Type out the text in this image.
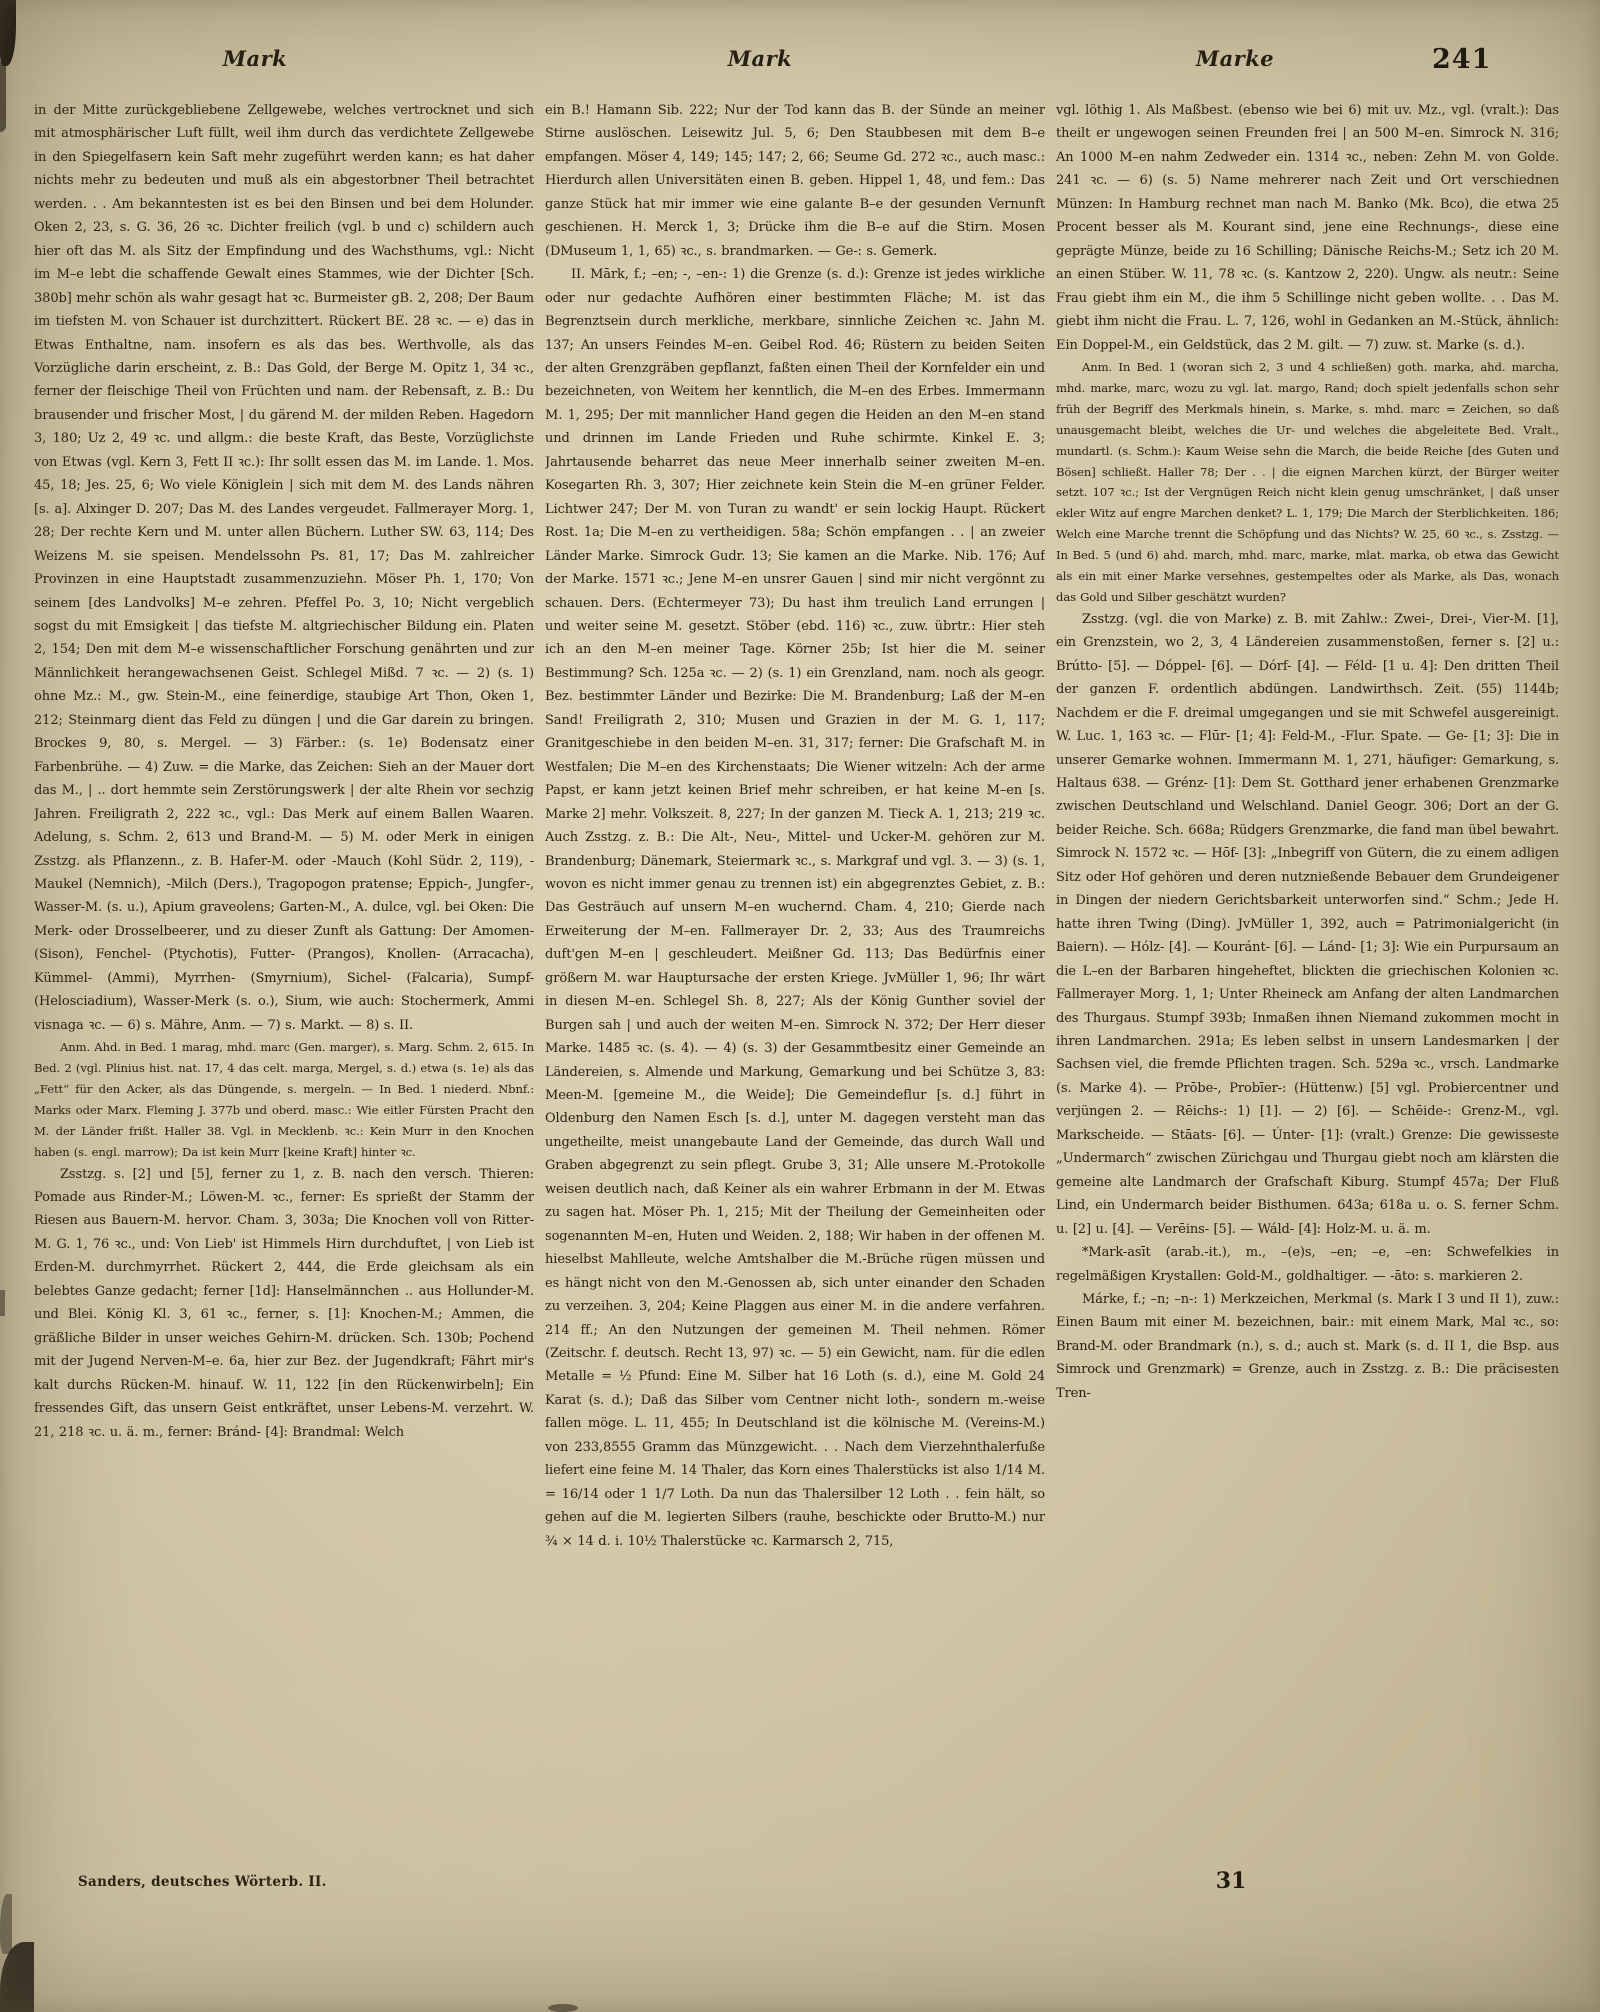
Mark	Mark	Marke	241

in der Mitte zurückgebliebene Zellgewebe, welches vertrocknet und sich mit atmosphärischer Luft füllt, weil ihm durch das verdichtete Zellgewebe in den Spiegelfasern kein Saft mehr zugeführt werden kann; es hat daher nichts mehr zu bedeuten und muß als ein abgestorbner Theil betrachtet werden. . . Am bekanntesten ist es bei den Binsen und bei dem Holunder. Oken 2, 23, s. G. 36, 26 ꝛc. Dichter freilich (vgl. b und c) schildern auch hier oft das M. als Sitz der Empfindung und des Wachsthums, vgl.: Nicht im M–e lebt die schaffende Gewalt eines Stammes, wie der Dichter [Sch. 380b] mehr schön als wahr gesagt hat ꝛc. Burmeister gB. 2, 208; Der Baum im tiefsten M. von Schauer ist durchzittert. Rückert BE. 28 ꝛc. — e) das in Etwas Enthaltne, nam. insofern es als das bes. Werthvolle, als das Vorzügliche darin erscheint, z. B.: Das Gold, der Berge M. Opitz 1, 34 ꝛc., ferner der fleischige Theil von Früchten und nam. der Rebensaft, z. B.: Du brausender und frischer Most, | du gärend M. der milden Reben. Hagedorn 3, 180; Uz 2, 49 ꝛc. und allgm.: die beste Kraft, das Beste, Vorzüglichste von Etwas (vgl. Kern 3, Fett II ꝛc.): Ihr sollt essen das M. im Lande. 1. Mos. 45, 18; Jes. 25, 6; Wo viele Königlein | sich mit dem M. des Lands nähren [s. a]. Alxinger D. 207; Das M. des Landes vergeudet. Fallmerayer Morg. 1, 28; Der rechte Kern und M. unter allen Büchern. Luther SW. 63, 114; Des Weizens M. sie speisen. Mendelssohn Ps. 81, 17; Das M. zahlreicher Provinzen in eine Hauptstadt zusammenzuziehn. Möser Ph. 1, 170; Von seinem [des Landvolks] M–e zehren. Pfeffel Po. 3, 10; Nicht vergeblich sogst du mit Emsigkeit | das tiefste M. altgriechischer Bildung ein. Platen 2, 154; Den mit dem M–e wissenschaftlicher Forschung genährten und zur Männlichkeit herangewachsenen Geist. Schlegel Mißd. 7 ꝛc. — 2) (s. 1) ohne Mz.: M., gw. Stein-M., eine feinerdige, staubige Art Thon, Oken 1, 212; Steinmarg dient das Feld zu düngen | und die Gar darein zu bringen. Brockes 9, 80, s. Mergel. — 3) Färber.: (s. 1e) Bodensatz einer Farbenbrühe. — 4) Zuw. = die Marke, das Zeichen: Sieh an der Mauer dort das M., | .. dort hemmte sein Zerstörungswerk | der alte Rhein vor sechzig Jahren. Freiligrath 2, 222 ꝛc., vgl.: Das Merk auf einem Ballen Waaren. Adelung, s. Schm. 2, 613 und Brand-M. — 5) M. oder Merk in einigen Zsstzg. als Pflanzenn., z. B. Hafer-M. oder -Mauch (Kohl Südr. 2, 119), -Maukel (Nemnich), -Milch (Ders.), Tragopogon pratense; Eppich-, Jungfer-, Wasser-M. (s. u.), Apium graveolens; Garten-M., A. dulce, vgl. bei Oken: Die Merk- oder Drosselbeerer, und zu dieser Zunft als Gattung: Der Amomen- (Sison), Fenchel- (Ptychotis), Futter- (Prangos), Knollen- (Arracacha), Kümmel- (Ammi), Myrrhen- (Smyrnium), Sichel- (Falcaria), Sumpf- (Helosciadium), Wasser-Merk (s. o.), Sium, wie auch: Stochermerk, Ammi visnaga ꝛc. — 6) s. Mähre, Anm. — 7) s. Markt. — 8) s. II.

Anm. Ahd. in Bed. 1 marag, mhd. marc (Gen. marger), s. Marg. Schm. 2, 615. In Bed. 2 (vgl. Plinius hist. nat. 17, 4 das celt. marga, Mergel, s. d.) etwa (s. 1e) als das „Fett“ für den Acker, als das Düngende, s. mergeln. — In Bed. 1 niederd. Nbnf.: Marks oder Marx. Fleming J. 377b und oberd. masc.: Wie eitler Fürsten Pracht den M. der Länder frißt. Haller 38. Vgl. in Mecklenb. ꝛc.: Kein Murr in den Knochen haben (s. engl. marrow); Da ist kein Murr [keine Kraft] hinter ꝛc.

Zsstzg. s. [2] und [5], ferner zu 1, z. B. nach den versch. Thieren: Pomade aus Rinder-M.; Löwen-M. ꝛc., ferner: Es sprießt der Stamm der Riesen aus Bauern-M. hervor. Cham. 3, 303a; Die Knochen voll von Ritter-M. G. 1, 76 ꝛc., und: Von Lieb' ist Himmels Hirn durchduftet, | von Lieb ist Erden-M. durchmyrrhet. Rückert 2, 444, die Erde gleichsam als ein belebtes Ganze gedacht; ferner [1d]: Hanselmännchen .. aus Hollunder-M. und Blei. König Kl. 3, 61 ꝛc., ferner, s. [1]: Knochen-M.; Ammen, die gräßliche Bilder in unser weiches Gehirn-M. drücken. Sch. 130b; Pochend mit der Jugend Nerven-M–e. 6a, hier zur Bez. der Jugendkraft; Fährt mir's kalt durchs Rücken-M. hinauf. W. 11, 122 [in den Rückenwirbeln]; Ein fressendes Gift, das unsern Geist entkräftet, unser Lebens-M. verzehrt. W. 21, 218 ꝛc. u. ä. m., ferner: Bránd- [4]: Brandmal: Welch

ein B.! Hamann Sib. 222; Nur der Tod kann das B. der Sünde an meiner Stirne auslöschen. Leisewitz Jul. 5, 6; Den Staubbesen mit dem B–e empfangen. Möser 4, 149; 145; 147; 2, 66; Seume Gd. 272 ꝛc., auch masc.: Hierdurch allen Universitäten einen B. geben. Hippel 1, 48, und fem.: Das ganze Stück hat mir immer wie eine galante B–e der gesunden Vernunft geschienen. H. Merck 1, 3; Drücke ihm die B–e auf die Stirn. Mosen (DMuseum 1, 1, 65) ꝛc., s. brandmarken. — Ge-: s. Gemerk.

II. Mārk, f.; –en; -, –en-: 1) die Grenze (s. d.): Grenze ist jedes wirkliche oder nur gedachte Aufhören einer bestimmten Fläche; M. ist das Begrenztsein durch merkliche, merkbare, sinnliche Zeichen ꝛc. Jahn M. 137; An unsers Feindes M–en. Geibel Rod. 46; Rüstern zu beiden Seiten der alten Grenzgräben gepflanzt, faßten einen Theil der Kornfelder ein und bezeichneten, von Weitem her kenntlich, die M–en des Erbes. Immermann M. 1, 295; Der mit mannlicher Hand gegen die Heiden an den M–en stand und drinnen im Lande Frieden und Ruhe schirmte. Kinkel E. 3; Jahrtausende beharret das neue Meer innerhalb seiner zweiten M–en. Kosegarten Rh. 3, 307; Hier zeichnete kein Stein die M–en grüner Felder. Lichtwer 247; Der M. von Turan zu wandt' er sein lockig Haupt. Rückert Rost. 1a; Die M–en zu vertheidigen. 58a; Schön empfangen . . | an zweier Länder Marke. Simrock Gudr. 13; Sie kamen an die Marke. Nib. 176; Auf der Marke. 1571 ꝛc.; Jene M–en unsrer Gauen | sind mir nicht vergönnt zu schauen. Ders. (Echtermeyer 73); Du hast ihm treulich Land errungen | und weiter seine M. gesetzt. Stöber (ebd. 116) ꝛc., zuw. übrtr.: Hier steh ich an den M–en meiner Tage. Körner 25b; Ist hier die M. seiner Bestimmung? Sch. 125a ꝛc. — 2) (s. 1) ein Grenzland, nam. noch als geogr. Bez. bestimmter Länder und Bezirke: Die M. Brandenburg; Laß der M–en Sand! Freiligrath 2, 310; Musen und Grazien in der M. G. 1, 117; Granitgeschiebe in den beiden M–en. 31, 317; ferner: Die Grafschaft M. in Westfalen; Die M–en des Kirchenstaats; Die Wiener witzeln: Ach der arme Papst, er kann jetzt keinen Brief mehr schreiben, er hat keine M–en [s. Marke 2] mehr. Volkszeit. 8, 227; In der ganzen M. Tieck A. 1, 213; 219 ꝛc. Auch Zsstzg. z. B.: Die Alt-, Neu-, Mittel- und Ucker-M. gehören zur M. Brandenburg; Dänemark, Steiermark ꝛc., s. Markgraf und vgl. 3. — 3) (s. 1, wovon es nicht immer genau zu trennen ist) ein abgegrenztes Gebiet, z. B.: Das Gesträuch auf unsern M–en wuchernd. Cham. 4, 210; Gierde nach Erweiterung der M–en. Fallmerayer Dr. 2, 33; Aus des Traumreichs duft'gen M–en | geschleudert. Meißner Gd. 113; Das Bedürfnis einer größern M. war Hauptursache der ersten Kriege. JvMüller 1, 96; Ihr wärt in diesen M–en. Schlegel Sh. 8, 227; Als der König Gunther soviel der Burgen sah | und auch der weiten M–en. Simrock N. 372; Der Herr dieser Marke. 1485 ꝛc. (s. 4). — 4) (s. 3) der Gesammtbesitz einer Gemeinde an Ländereien, s. Almende und Markung, Gemarkung und bei Schütze 3, 83: Meen-M. [gemeine M., die Weide]; Die Gemeindeflur [s. d.] führt in Oldenburg den Namen Esch [s. d.], unter M. dagegen versteht man das ungetheilte, meist unangebaute Land der Gemeinde, das durch Wall und Graben abgegrenzt zu sein pflegt. Grube 3, 31; Alle unsere M.-Protokolle weisen deutlich nach, daß Keiner als ein wahrer Erbmann in der M. Etwas zu sagen hat. Möser Ph. 1, 215; Mit der Theilung der Gemeinheiten oder sogenannten M–en, Huten und Weiden. 2, 188; Wir haben in der offenen M. hieselbst Mahlleute, welche Amtshalber die M.-Brüche rügen müssen und es hängt nicht von den M.-Genossen ab, sich unter einander den Schaden zu verzeihen. 3, 204; Keine Plaggen aus einer M. in die andere verfahren. 214 ff.; An den Nutzungen der gemeinen M. Theil nehmen. Römer (Zeitschr. f. deutsch. Recht 13, 97) ꝛc. — 5) ein Gewicht, nam. für die edlen Metalle = ½ Pfund: Eine M. Silber hat 16 Loth (s. d.), eine M. Gold 24 Karat (s. d.); Daß das Silber vom Centner nicht loth-, sondern m.-weise fallen möge. L. 11, 455; In Deutschland ist die kölnische M. (Vereins-M.) von 233,8555 Gramm das Münzgewicht. . . Nach dem Vierzehnthalerfuße liefert eine feine M. 14 Thaler, das Korn eines Thalerstücks ist also 1/14 M. = 16/14 oder 1 1/7 Loth. Da nun das Thalersilber 12 Loth . . fein hält, so gehen auf die M. legierten Silbers (rauhe, beschickte oder Brutto-M.) nur ¾ × 14 d. i. 10½ Thalerstücke ꝛc. Karmarsch 2, 715,

vgl. löthig 1. Als Maßbest. (ebenso wie bei 6) mit uv. Mz., vgl. (vralt.): Das theilt er ungewogen seinen Freunden frei | an 500 M–en. Simrock N. 316; An 1000 M–en nahm Zedweder ein. 1314 ꝛc., neben: Zehn M. von Golde. 241 ꝛc. — 6) (s. 5) Name mehrerer nach Zeit und Ort verschiednen Münzen: In Hamburg rechnet man nach M. Banko (Mk. Bco), die etwa 25 Procent besser als M. Kourant sind, jene eine Rechnungs-, diese eine geprägte Münze, beide zu 16 Schilling; Dänische Reichs-M.; Setz ich 20 M. an einen Stüber. W. 11, 78 ꝛc. (s. Kantzow 2, 220). Ungw. als neutr.: Seine Frau giebt ihm ein M., die ihm 5 Schillinge nicht geben wollte. . . Das M. giebt ihm nicht die Frau. L. 7, 126, wohl in Gedanken an M.-Stück, ähnlich: Ein Doppel-M., ein Geldstück, das 2 M. gilt. — 7) zuw. st. Marke (s. d.).

Anm. In Bed. 1 (woran sich 2, 3 und 4 schließen) goth. marka, ahd. marcha, mhd. marke, marc, wozu zu vgl. lat. margo, Rand; doch spielt jedenfalls schon sehr früh der Begriff des Merkmals hinein, s. Marke, s. mhd. marc = Zeichen, so daß unausgemacht bleibt, welches die Ur- und welches die abgeleitete Bed. Vralt., mundartl. (s. Schm.): Kaum Weise sehn die March, die beide Reiche [des Guten und Bösen] schließt. Haller 78; Der . . | die eignen Marchen kürzt, der Bürger weiter setzt. 107 ꝛc.; Ist der Vergnügen Reich nicht klein genug umschränket, | daß unser ekler Witz auf engre Marchen denket? L. 1, 179; Die March der Sterblichkeiten. 186; Welch eine Marche trennt die Schöpfung und das Nichts? W. 25, 60 ꝛc., s. Zsstzg. — In Bed. 5 (und 6) ahd. march, mhd. marc, marke, mlat. marka, ob etwa das Gewicht als ein mit einer Marke versehnes, gestempeltes oder als Marke, als Das, wonach das Gold und Silber geschätzt wurden?

Zsstzg. (vgl. die von Marke) z. B. mit Zahlw.: Zwei-, Drei-, Vier-M. [1], ein Grenzstein, wo 2, 3, 4 Ländereien zusammenstoßen, ferner s. [2] u.: Brútto- [5]. — Dóppel- [6]. — Dórf- [4]. — Féld- [1 u. 4]: Den dritten Theil der ganzen F. ordentlich abdüngen. Landwirthsch. Zeit. (55) 1144b; Nachdem er die F. dreimal umgegangen und sie mit Schwefel ausgereinigt. W. Luc. 1, 163 ꝛc. — Flūr- [1; 4]: Feld-M., -Flur. Spate. — Ge- [1; 3]: Die in unserer Gemarke wohnen. Immermann M. 1, 271, häufiger: Gemarkung, s. Haltaus 638. — Grénz- [1]: Dem St. Gotthard jener erhabenen Grenzmarke zwischen Deutschland und Welschland. Daniel Geogr. 306; Dort an der G. beider Reiche. Sch. 668a; Rüdgers Grenzmarke, die fand man übel bewahrt. Simrock N. 1572 ꝛc. — Hōf- [3]: „Inbegriff von Gütern, die zu einem adligen Sitz oder Hof gehören und deren nutznießende Bebauer dem Grundeigener in Dingen der niedern Gerichtsbarkeit unterworfen sind.“ Schm.; Jede H. hatte ihren Twing (Ding). JvMüller 1, 392, auch = Patrimonialgericht (in Baiern). — Hólz- [4]. — Kouránt- [6]. — Lánd- [1; 3]: Wie ein Purpursaum an die L–en der Barbaren hingeheftet, blickten die griechischen Kolonien ꝛc. Fallmerayer Morg. 1, 1; Unter Rheineck am Anfang der alten Landmarchen des Thurgaus. Stumpf 393b; Inmaßen ihnen Niemand zukommen mocht in ihren Landmarchen. 291a; Es leben selbst in unsern Landesmarken | der Sachsen viel, die fremde Pflichten tragen. Sch. 529a ꝛc., vrsch. Landmarke (s. Marke 4). — Prōbe-, Probīer-: (Hüttenw.) [5] vgl. Probiercentner und verjüngen 2. — Rēichs-: 1) [1]. — 2) [6]. — Schēide-: Grenz-M., vgl. Markscheide. — Stāats- [6]. — Únter- [1]: (vralt.) Grenze: Die gewisseste „Undermarch“ zwischen Zürichgau und Thurgau giebt noch am klärsten die gemeine alte Landmarch der Grafschaft Kiburg. Stumpf 457a; Der Fluß Lind, ein Undermarch beider Bisthumen. 643a; 618a u. o. S. ferner Schm. u. [2] u. [4]. — Verēins- [5]. — Wáld- [4]: Holz-M. u. ä. m.

*Mark-asīt (arab.-it.), m., –(e)s, –en; –e, –en: Schwefelkies in regelmäßigen Krystallen: Gold-M., goldhaltiger. — -āto: s. markieren 2.

Márke, f.; –n; –n-: 1) Merkzeichen, Merkmal (s. Mark I 3 und II 1), zuw.: Einen Baum mit einer M. bezeichnen, bair.: mit einem Mark, Mal ꝛc., so: Brand-M. oder Brandmark (n.), s. d.; auch st. Mark (s. d. II 1, die Bsp. aus Simrock und Grenzmark) = Grenze, auch in Zsstzg. z. B.: Die präcisesten Tren-

Sanders, deutsches Wörterb. II.	31
